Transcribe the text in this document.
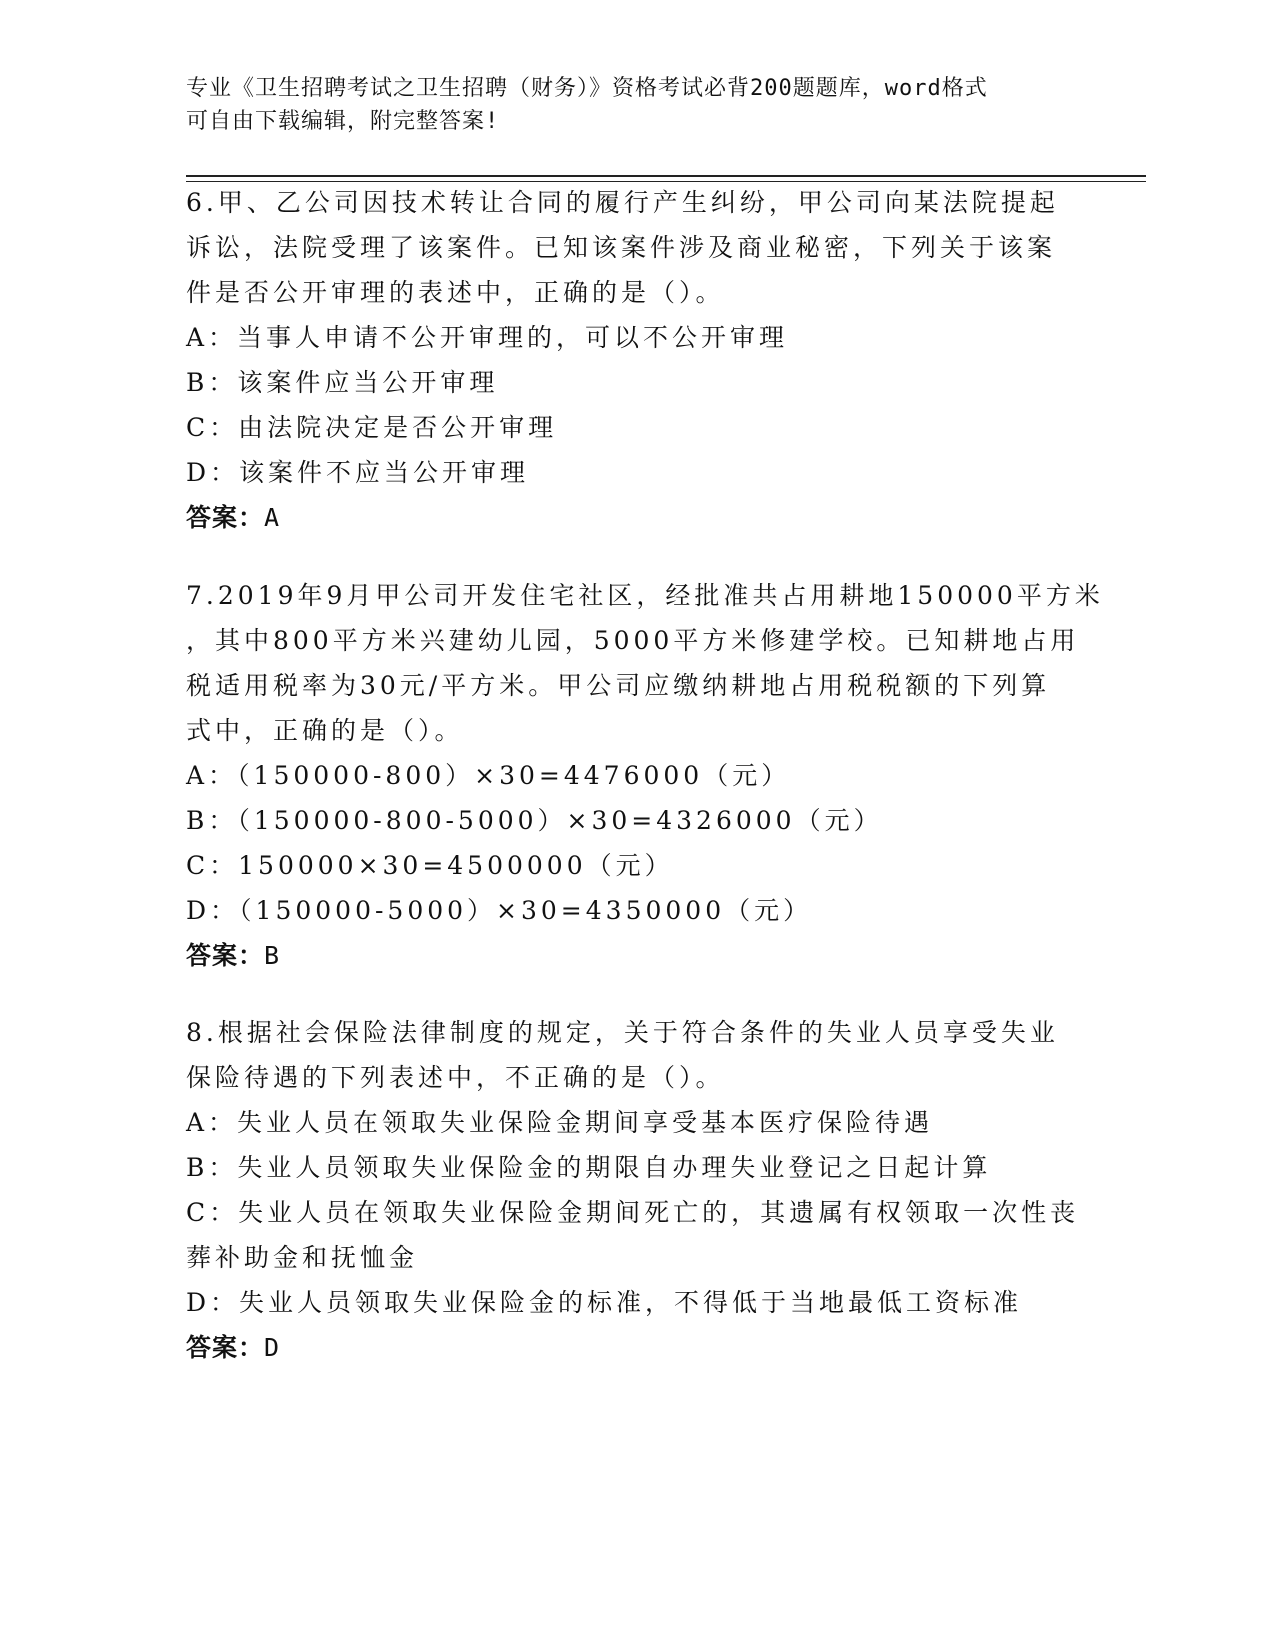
专业《卫生招聘考试之卫生招聘（财务）》资格考试必背200题题库，word格式
可自由下载编辑，附完整答案!
6.甲、乙公司因技术转让合同的履行产生纠纷，甲公司向某法院提起
诉讼，法院受理了该案件。已知该案件涉及商业秘密，下列关于该案
件是否公开审理的表述中，正确的是（）。
A：当事人申请不公开审理的，可以不公开审理
B：该案件应当公开审理
C：由法院决定是否公开审理
D：该案件不应当公开审理
答案：A
7.2019年9月甲公司开发住宅社区，经批准共占用耕地150000平方米
，其中800平方米兴建幼儿园，5000平方米修建学校。已知耕地占用
税适用税率为30元/平方米。甲公司应缴纳耕地占用税税额的下列算
式中，正确的是（）。
A：（150000-800）×30=4476000（元）
B：（150000-800-5000）×30=4326000（元）
C：150000×30=4500000（元）
D：（150000-5000）×30=4350000（元）
答案：B
8.根据社会保险法律制度的规定，关于符合条件的失业人员享受失业
保险待遇的下列表述中，不正确的是（）。
A：失业人员在领取失业保险金期间享受基本医疗保险待遇
B：失业人员领取失业保险金的期限自办理失业登记之日起计算
C：失业人员在领取失业保险金期间死亡的，其遗属有权领取一次性丧
葬补助金和抚恤金
D：失业人员领取失业保险金的标准，不得低于当地最低工资标准
答案：D
